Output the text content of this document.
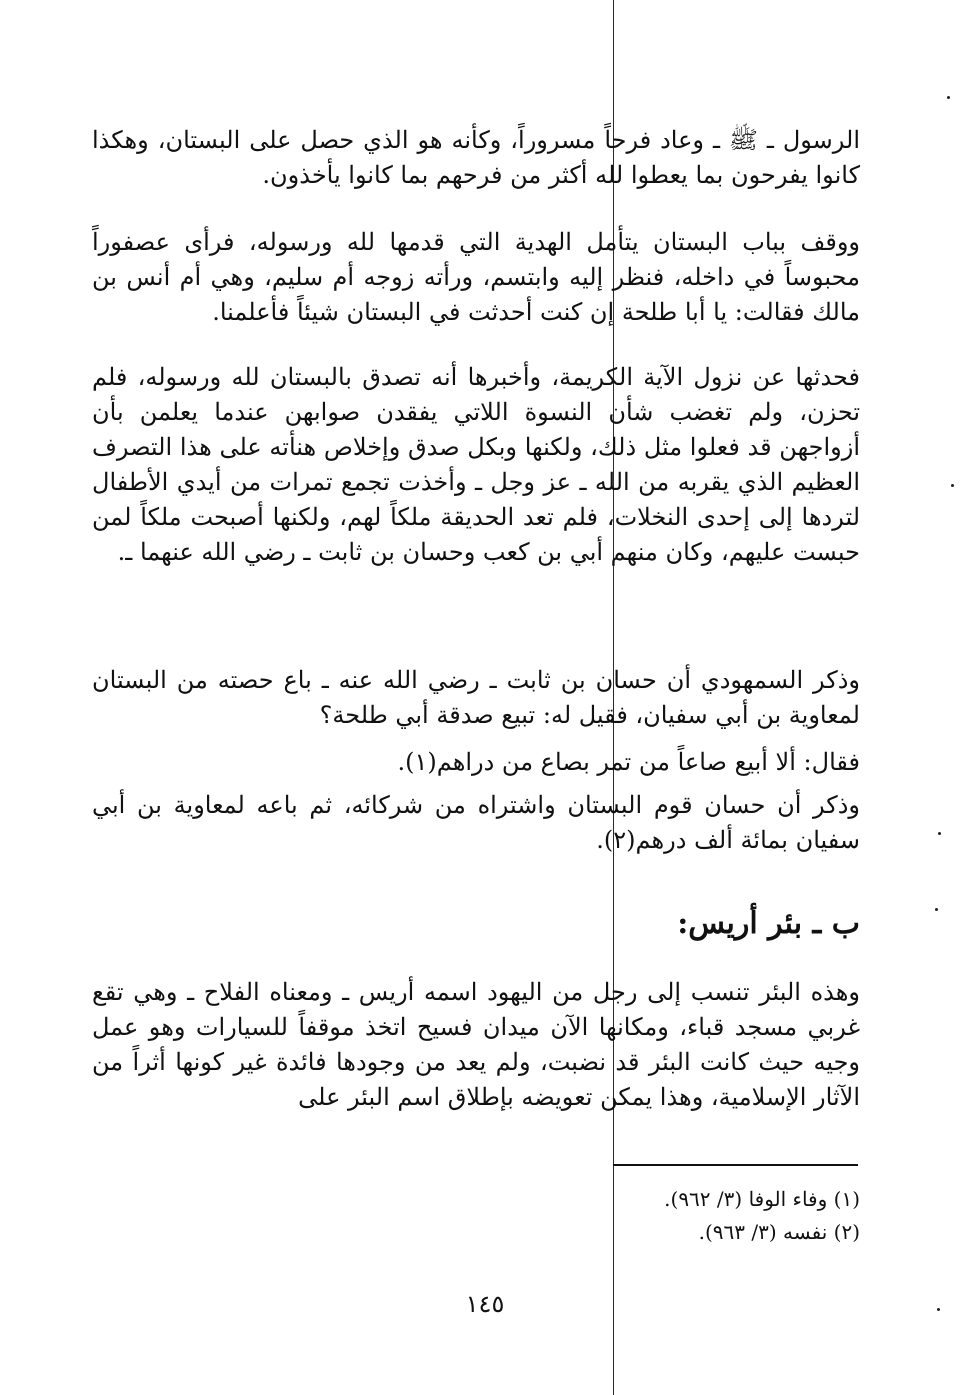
الرسول ـ ﷺ ـ وعاد فرحاً مسروراً، وكأنه هو الذي حصل على البستان، وهكذا كانوا يفرحون بما يعطوا لله أكثر من فرحهم بما كانوا يأخذون.

ووقف بباب البستان يتأمل الهدية التي قدمها لله ورسوله، فرأى عصفوراً محبوساً في داخله، فنظر إليه وابتسم، ورأته زوجه أم سليم، وهي أم أنس بن مالك فقالت: يا أبا طلحة إن كنت أحدثت في البستان شيئاً فأعلمنا.

فحدثها عن نزول الآية الكريمة، وأخبرها أنه تصدق بالبستان لله ورسوله، فلم تحزن، ولم تغضب شأن النسوة اللاتي يفقدن صوابهن عندما يعلمن بأن أزواجهن قد فعلوا مثل ذلك، ولكنها وبكل صدق وإخلاص هنأته على هذا التصرف العظيم الذي يقربه من الله ـ عز وجل ـ وأخذت تجمع تمرات من أيدي الأطفال لتردها إلى إحدى النخلات، فلم تعد الحديقة ملكاً لهم، ولكنها أصبحت ملكاً لمن حبست عليهم، وكان منهم أبي بن كعب وحسان بن ثابت ـ رضي الله عنهما ـ.

وذكر السمهودي أن حسان بن ثابت ـ رضي الله عنه ـ باع حصته من البستان لمعاوية بن أبي سفيان، فقيل له: تبيع صدقة أبي طلحة؟

فقال: ألا أبيع صاعاً من تمر بصاع من دراهم(١).

وذكر أن حسان قوم البستان واشتراه من شركائه، ثم باعه لمعاوية بن أبي سفيان بمائة ألف درهم(٢).

ب ـ بئر أريس:

وهذه البئر تنسب إلى رجل من اليهود اسمه أريس ـ ومعناه الفلاح ـ وهي تقع غربي مسجد قباء، ومكانها الآن ميدان فسيح اتخذ موقفاً للسيارات وهو عمل وجيه حيث كانت البئر قد نضبت، ولم يعد من وجودها فائدة غير كونها أثراً من الآثار الإسلامية، وهذا يمكن تعويضه بإطلاق اسم البئر على

(١) وفاء الوفا (٣/ ٩٦٢).
(٢) نفسه (٣/ ٩٦٣).
١٤٥
